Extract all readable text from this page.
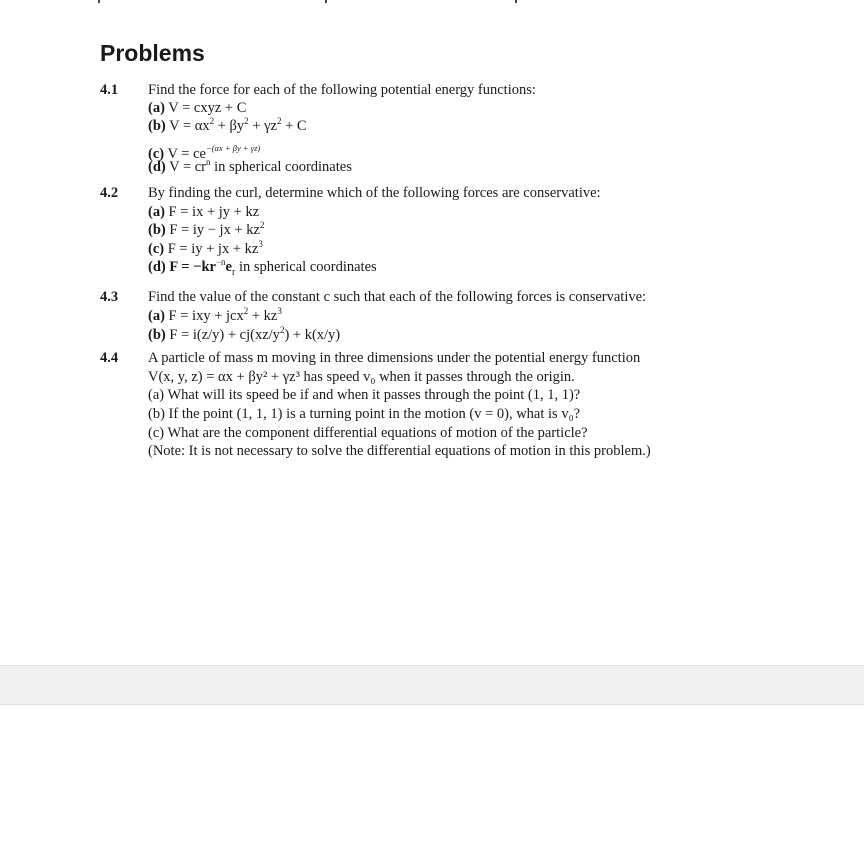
Problems
4.1 Find the force for each of the following potential energy functions:
(a) V = cxyz + C
(b) $V = \alpha x^2 + \beta y^2 + \gamma z^2 + C$
(c) $V = ce^{-(\alpha x + \beta y + \gamma z)}$
(d) $V = cr^n$ in spherical coordinates
4.2 By finding the curl, determine which of the following forces are conservative:
(a) F = ix + jy + kz
(b) F = iy − jx + $kz^2$
(c) F = iy + jx + $kz^3$
(d) $F = -kr^{-n}e_r$ in spherical coordinates
4.3 Find the value of the constant c such that each of the following forces is conservative:
(a) F = ixy + $jcx^2 + kz^3$
(b) $F = i(z/y) + cj(xz/y^2) + k(x/y)$
4.4 A particle of mass m moving in three dimensions under the potential energy function
V(x, y, z) = αx + βy² + γz³ has speed v₀ when it passes through the origin.
(a) What will its speed be if and when it passes through the point (1, 1, 1)?
(b) If the point (1, 1, 1) is a turning point in the motion (v = 0), what is v₀?
(c) What are the component differential equations of motion of the particle?
(Note: It is not necessary to solve the differential equations of motion in this problem.)
